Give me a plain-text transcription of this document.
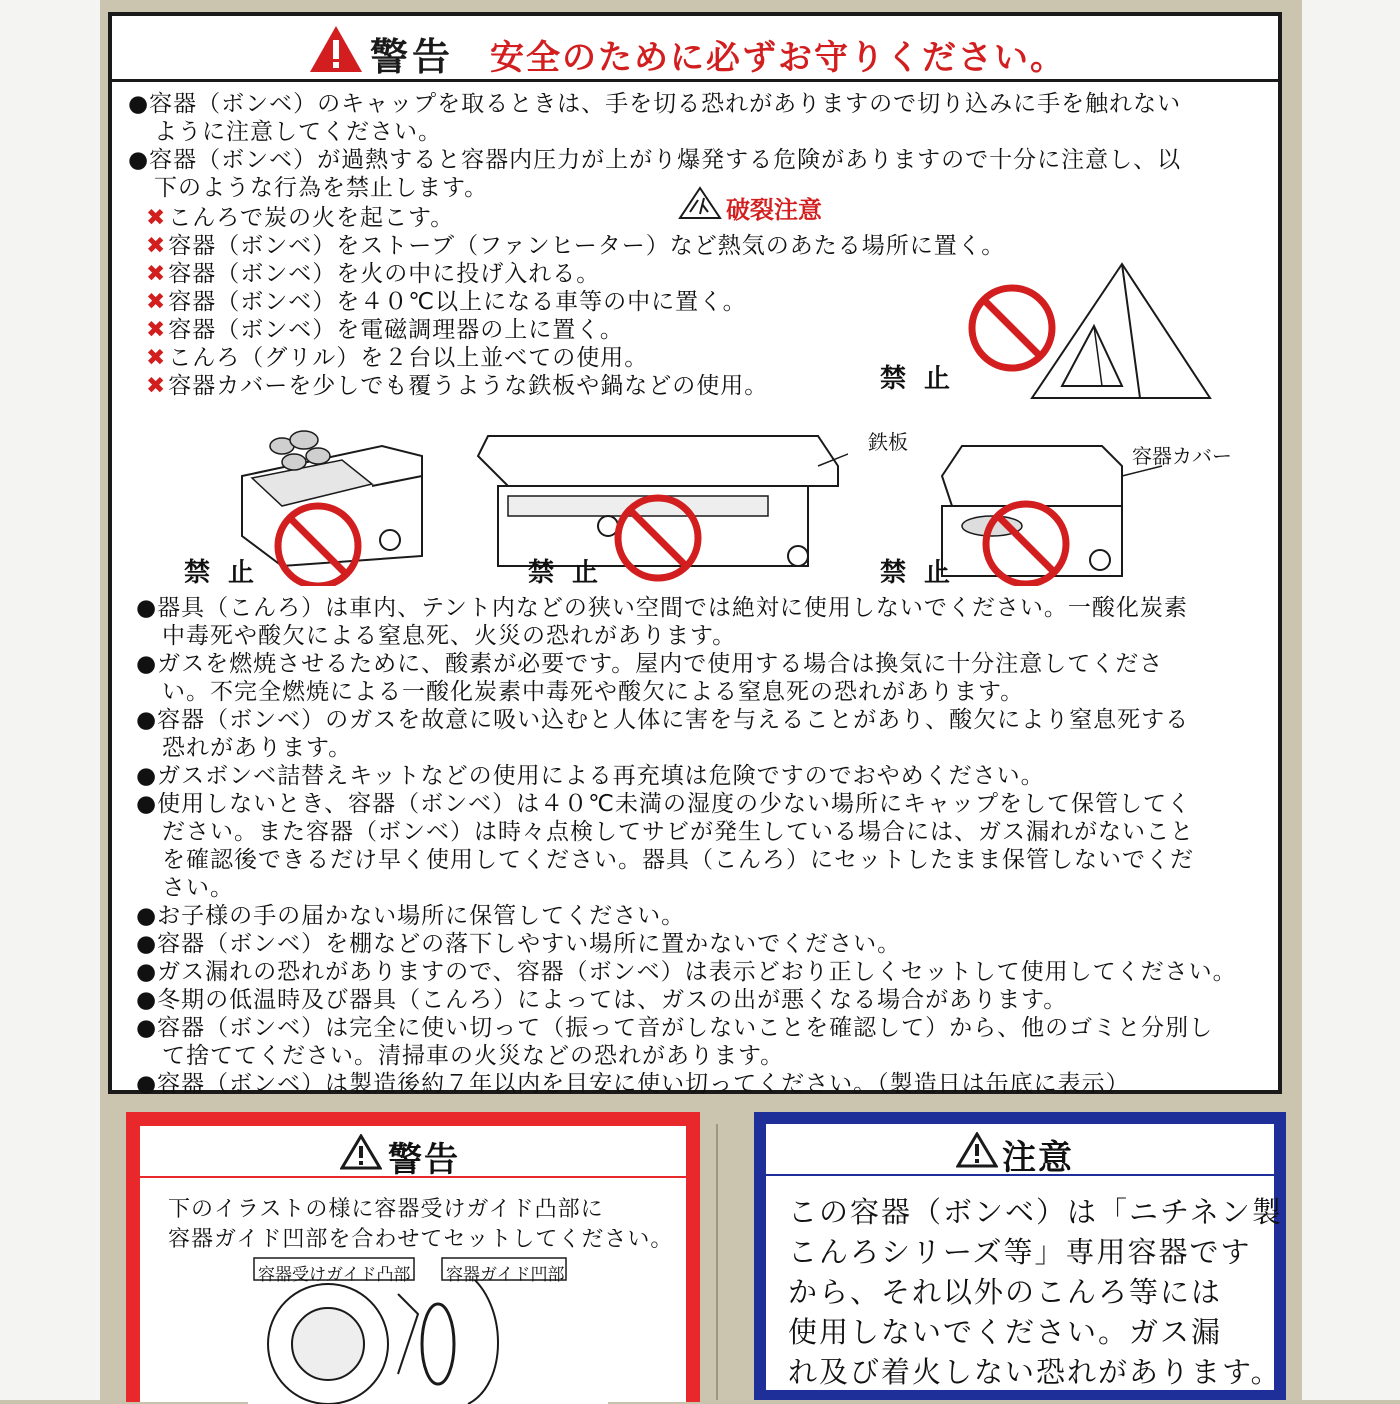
警告 安全のために必ずお守りください。
●容器（ボンベ）のキャップを取るときは、手を切る恐れがありますので切り込みに手を触れない
ように注意してください。
●容器（ボンベ）が過熱すると容器内圧力が上がり爆発する危険がありますので十分に注意し、以
下のような行為を禁止します。
破裂注意
✖こんろで炭の火を起こす。
✖容器（ボンベ）をストーブ（ファンヒーター）など熱気のあたる場所に置く。
✖容器（ボンベ）を火の中に投げ入れる。
✖容器（ボンベ）を４０℃以上になる車等の中に置く。
✖容器（ボンベ）を電磁調理器の上に置く。
✖こんろ（グリル）を２台以上並べての使用。
✖容器カバーを少しでも覆うような鉄板や鍋などの使用。	禁止
禁止	禁止
鉄板
禁止
容器カバー
●器具（こんろ）は車内、テント内などの狭い空間では絶対に使用しないでください。一酸化炭素
中毒死や酸欠による窒息死、火災の恐れがあります。
●ガスを燃焼させるために、酸素が必要です。屋内で使用する場合は換気に十分注意してくださ
い。不完全燃焼による一酸化炭素中毒死や酸欠による窒息死の恐れがあります。
●容器（ボンベ）のガスを故意に吸い込むと人体に害を与えることがあり、酸欠により窒息死する
恐れがあります。
●ガスボンベ詰替えキットなどの使用による再充填は危険ですのでおやめください。
●使用しないとき、容器（ボンベ）は４０℃未満の湿度の少ない場所にキャップをして保管してく
ださい。また容器（ボンベ）は時々点検してサビが発生している場合には、ガス漏れがないこと
を確認後できるだけ早く使用してください。器具（こんろ）にセットしたまま保管しないでくだ
さい。
●お子様の手の届かない場所に保管してください。
●容器（ボンベ）を棚などの落下しやすい場所に置かないでください。
●ガス漏れの恐れがありますので、容器（ボンベ）は表示どおり正しくセットして使用してください。
●冬期の低温時及び器具（こんろ）によっては、ガスの出が悪くなる場合があります。
●容器（ボンベ）は完全に使い切って（振って音がしないことを確認して）から、他のゴミと分別し
て捨ててください。清掃車の火災などの恐れがあります。
●容器（ボンベ）は製造後約７年以内を目安に使い切ってください。（製造日は缶底に表示）
警告
下のイラストの様に容器受けガイド凸部に
容器ガイド凹部を合わせてセットしてください。
容器受けガイド凸部 容器ガイド凹部
注意
この容器（ボンベ）は「ニチネン製
こんろシリーズ等」専用容器です
から、それ以外のこんろ等には
使用しないでください。ガス漏
れ及び着火しない恐れがあります。
